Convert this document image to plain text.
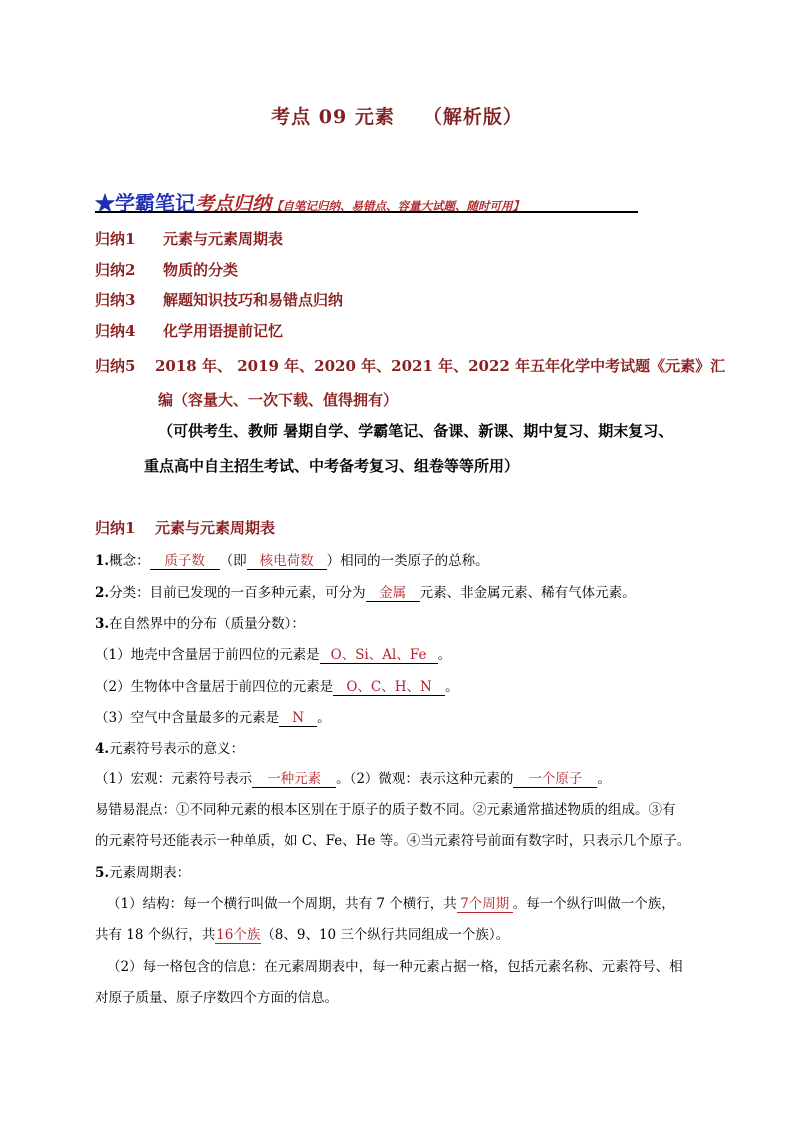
考点 09 元素 （解析版）
★学霸笔记考点归纳【自笔记归纳、易错点、容量大试题、随时可用】
归纳1 元素与元素周期表
归纳2 物质的分类
归纳3 解题知识技巧和易错点归纳
归纳4 化学用语提前记忆
归纳5 2018 年、 2019 年、2020 年、2021 年、2022 年五年化学中考试题《元素》汇
编（容量大、一次下载、值得拥有）
（可供考生、教师 暑期自学、学霸笔记、备课、新课、期中复习、期末复习、
重点高中自主招生考试、中考备考复习、组卷等等所用）
归纳1 元素与元素周期表
1.概念： 质子数 （即 核电荷数 ）相同的一类原子的总称。
2.分类：目前已发现的一百多种元素，可分为 金属 元素、非金属元素、稀有气体元素。
3.在自然界中的分布（质量分数）：
（1）地壳中含量居于前四位的元素是 O、Si、Al、Fe 。
（2）生物体中含量居于前四位的元素是 O、C、H、N 。
（3）空气中含量最多的元素是 N 。
4.元素符号表示的意义：
（1）宏观：元素符号表示 一种元素 。（2）微观：表示这种元素的 一个原子 。
易错易混点：①不同种元素的根本区别在于原子的质子数不同。②元素通常描述物质的组成。③有
的元素符号还能表示一种单质，如 C、Fe、He 等。④当元素符号前面有数字时，只表示几个原子。
5.元素周期表：
（1）结构：每一个横行叫做一个周期，共有 7 个横行，共 7个周期 。每一个纵行叫做一个族，
共有 18 个纵行，共16个族（8、9、10 三个纵行共同组成一个族）。
（2）每一格包含的信息：在元素周期表中，每一种元素占据一格，包括元素名称、元素符号、相
对原子质量、原子序数四个方面的信息。
